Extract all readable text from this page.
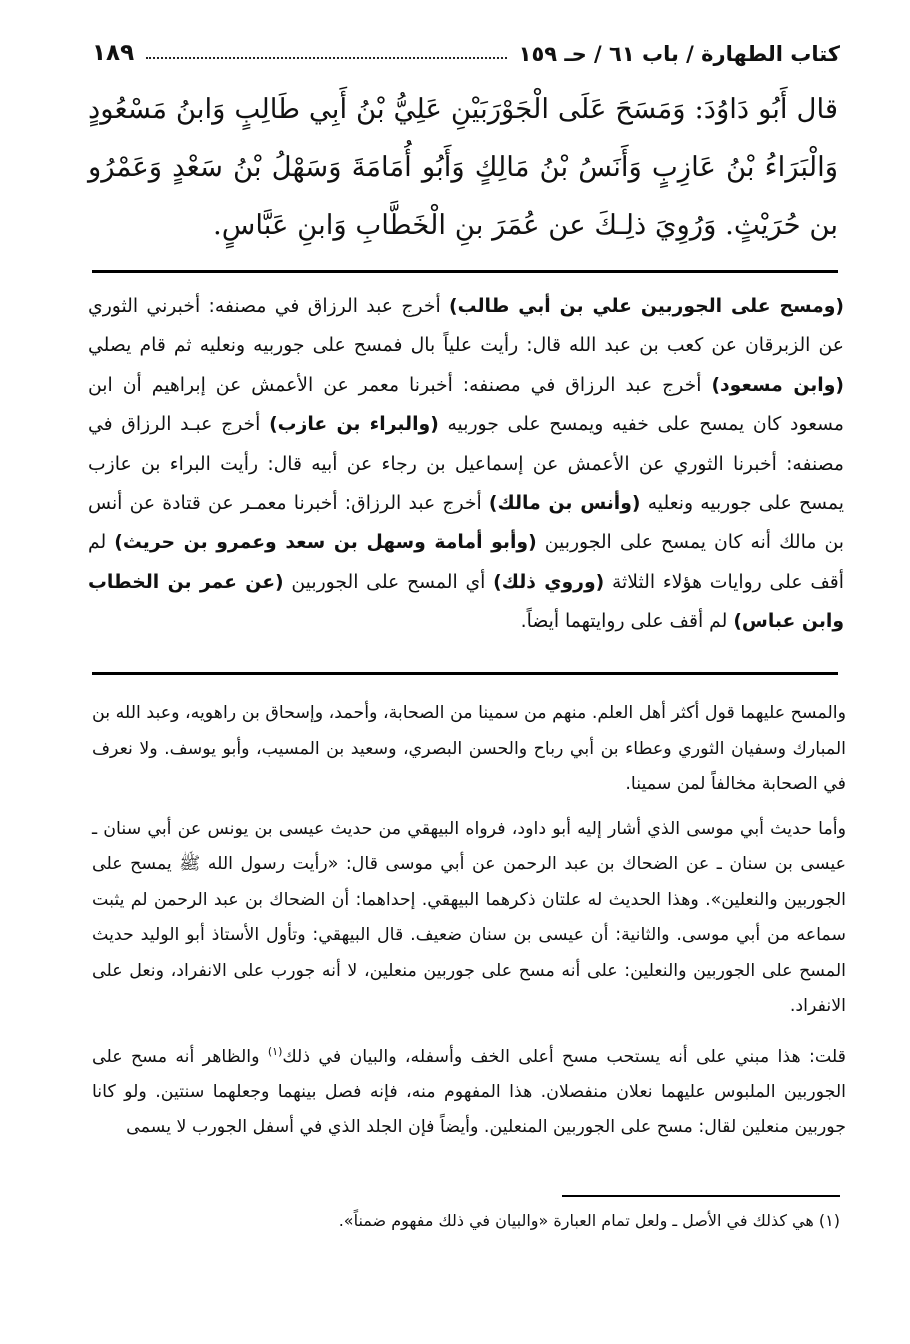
كتاب الطهارة / باب ٦١ / حـ ١٥٩
١٨٩
قال أَبُو دَاوُدَ: وَمَسَحَ عَلَى الْجَوْرَبَيْنِ عَلِيُّ بْنُ أَبِي طَالِبٍ وَابنُ مَسْعُودٍ وَالْبَرَاءُ بْنُ عَازِبٍ وَأَنَسُ بْنُ مَالِكٍ وَأَبُو أُمَامَةَ وَسَهْلُ بْنُ سَعْدٍ وَعَمْرُو بن حُرَيْثٍ. وَرُوِيَ ذلِـكَ عن عُمَرَ بنِ الْخَطَّابِ وَابنِ عَبَّاسٍ.
(ومسح على الجوربين علي بن أبي طالب) أخرج عبد الرزاق في مصنفه: أخبرني الثوري عن الزبرقان عن كعب بن عبد الله قال: رأيت علياً بال فمسح على جوربيه ونعليه ثم قام يصلي (وابن مسعود) أخرج عبد الرزاق في مصنفه: أخبرنا معمر عن الأعمش عن إبراهيم أن ابن مسعود كان يمسح على خفيه ويمسح على جوربيه (والبراء بن عازب) أخرج عبـد الرزاق في مصنفه: أخبرنا الثوري عن الأعمش عن إسماعيل بن رجاء عن أبيه قال: رأيت البراء بن عازب يمسح على جوربيه ونعليه (وأنس بن مالك) أخرج عبد الرزاق: أخبرنا معمـر عن قتادة عن أنس بن مالك أنه كان يمسح على الجوربين (وأبو أمامة وسهل بن سعد وعمرو بن حريث) لم أقف على روايات هؤلاء الثلاثة (وروي ذلك) أي المسح على الجوربين (عن عمر بن الخطاب وابن عباس) لم أقف على روايتهما أيضاً.

والمسح عليهما قول أكثر أهل العلم. منهم من سمينا من الصحابة، وأحمد، وإسحاق بن راهويه، وعبد الله بن المبارك وسفيان الثوري وعطاء بن أبي رباح والحسن البصري، وسعيد بن المسيب، وأبو يوسف. ولا نعرف في الصحابة مخالفاً لمن سمينا.

وأما حديث أبي موسى الذي أشار إليه أبو داود، فرواه البيهقي من حديث عيسى بن يونس عن أبي سنان ـ عيسى بن سنان ـ عن الضحاك بن عبد الرحمن عن أبي موسى قال: «رأيت رسول الله ﷺ يمسح على الجوربين والنعلين». وهذا الحديث له علتان ذكرهما البيهقي. إحداهما: أن الضحاك بن عبد الرحمن لم يثبت سماعه من أبي موسى. والثانية: أن عيسى بن سنان ضعيف. قال البيهقي: وتأول الأستاذ أبو الوليد حديث المسح على الجوربين والنعلين: على أنه مسح على جوربين منعلين، لا أنه جورب على الانفراد، ونعل على الانفراد.

قلت: هذا مبني على أنه يستحب مسح أعلى الخف وأسفله، والبيان في ذلك$^{(١)}$ والظاهر أنه مسح على الجوربين الملبوس عليهما نعلان منفصلان. هذا المفهوم منه، فإنه فصل بينهما وجعلهما سنتين. ولو كانا جوربين منعلين لقال: مسح على الجوربين المنعلين. وأيضاً فإن الجلد الذي في أسفل الجورب لا يسمى

(١) هي كذلك في الأصل ـ ولعل تمام العبارة «والبيان في ذلك مفهوم ضمناً».
